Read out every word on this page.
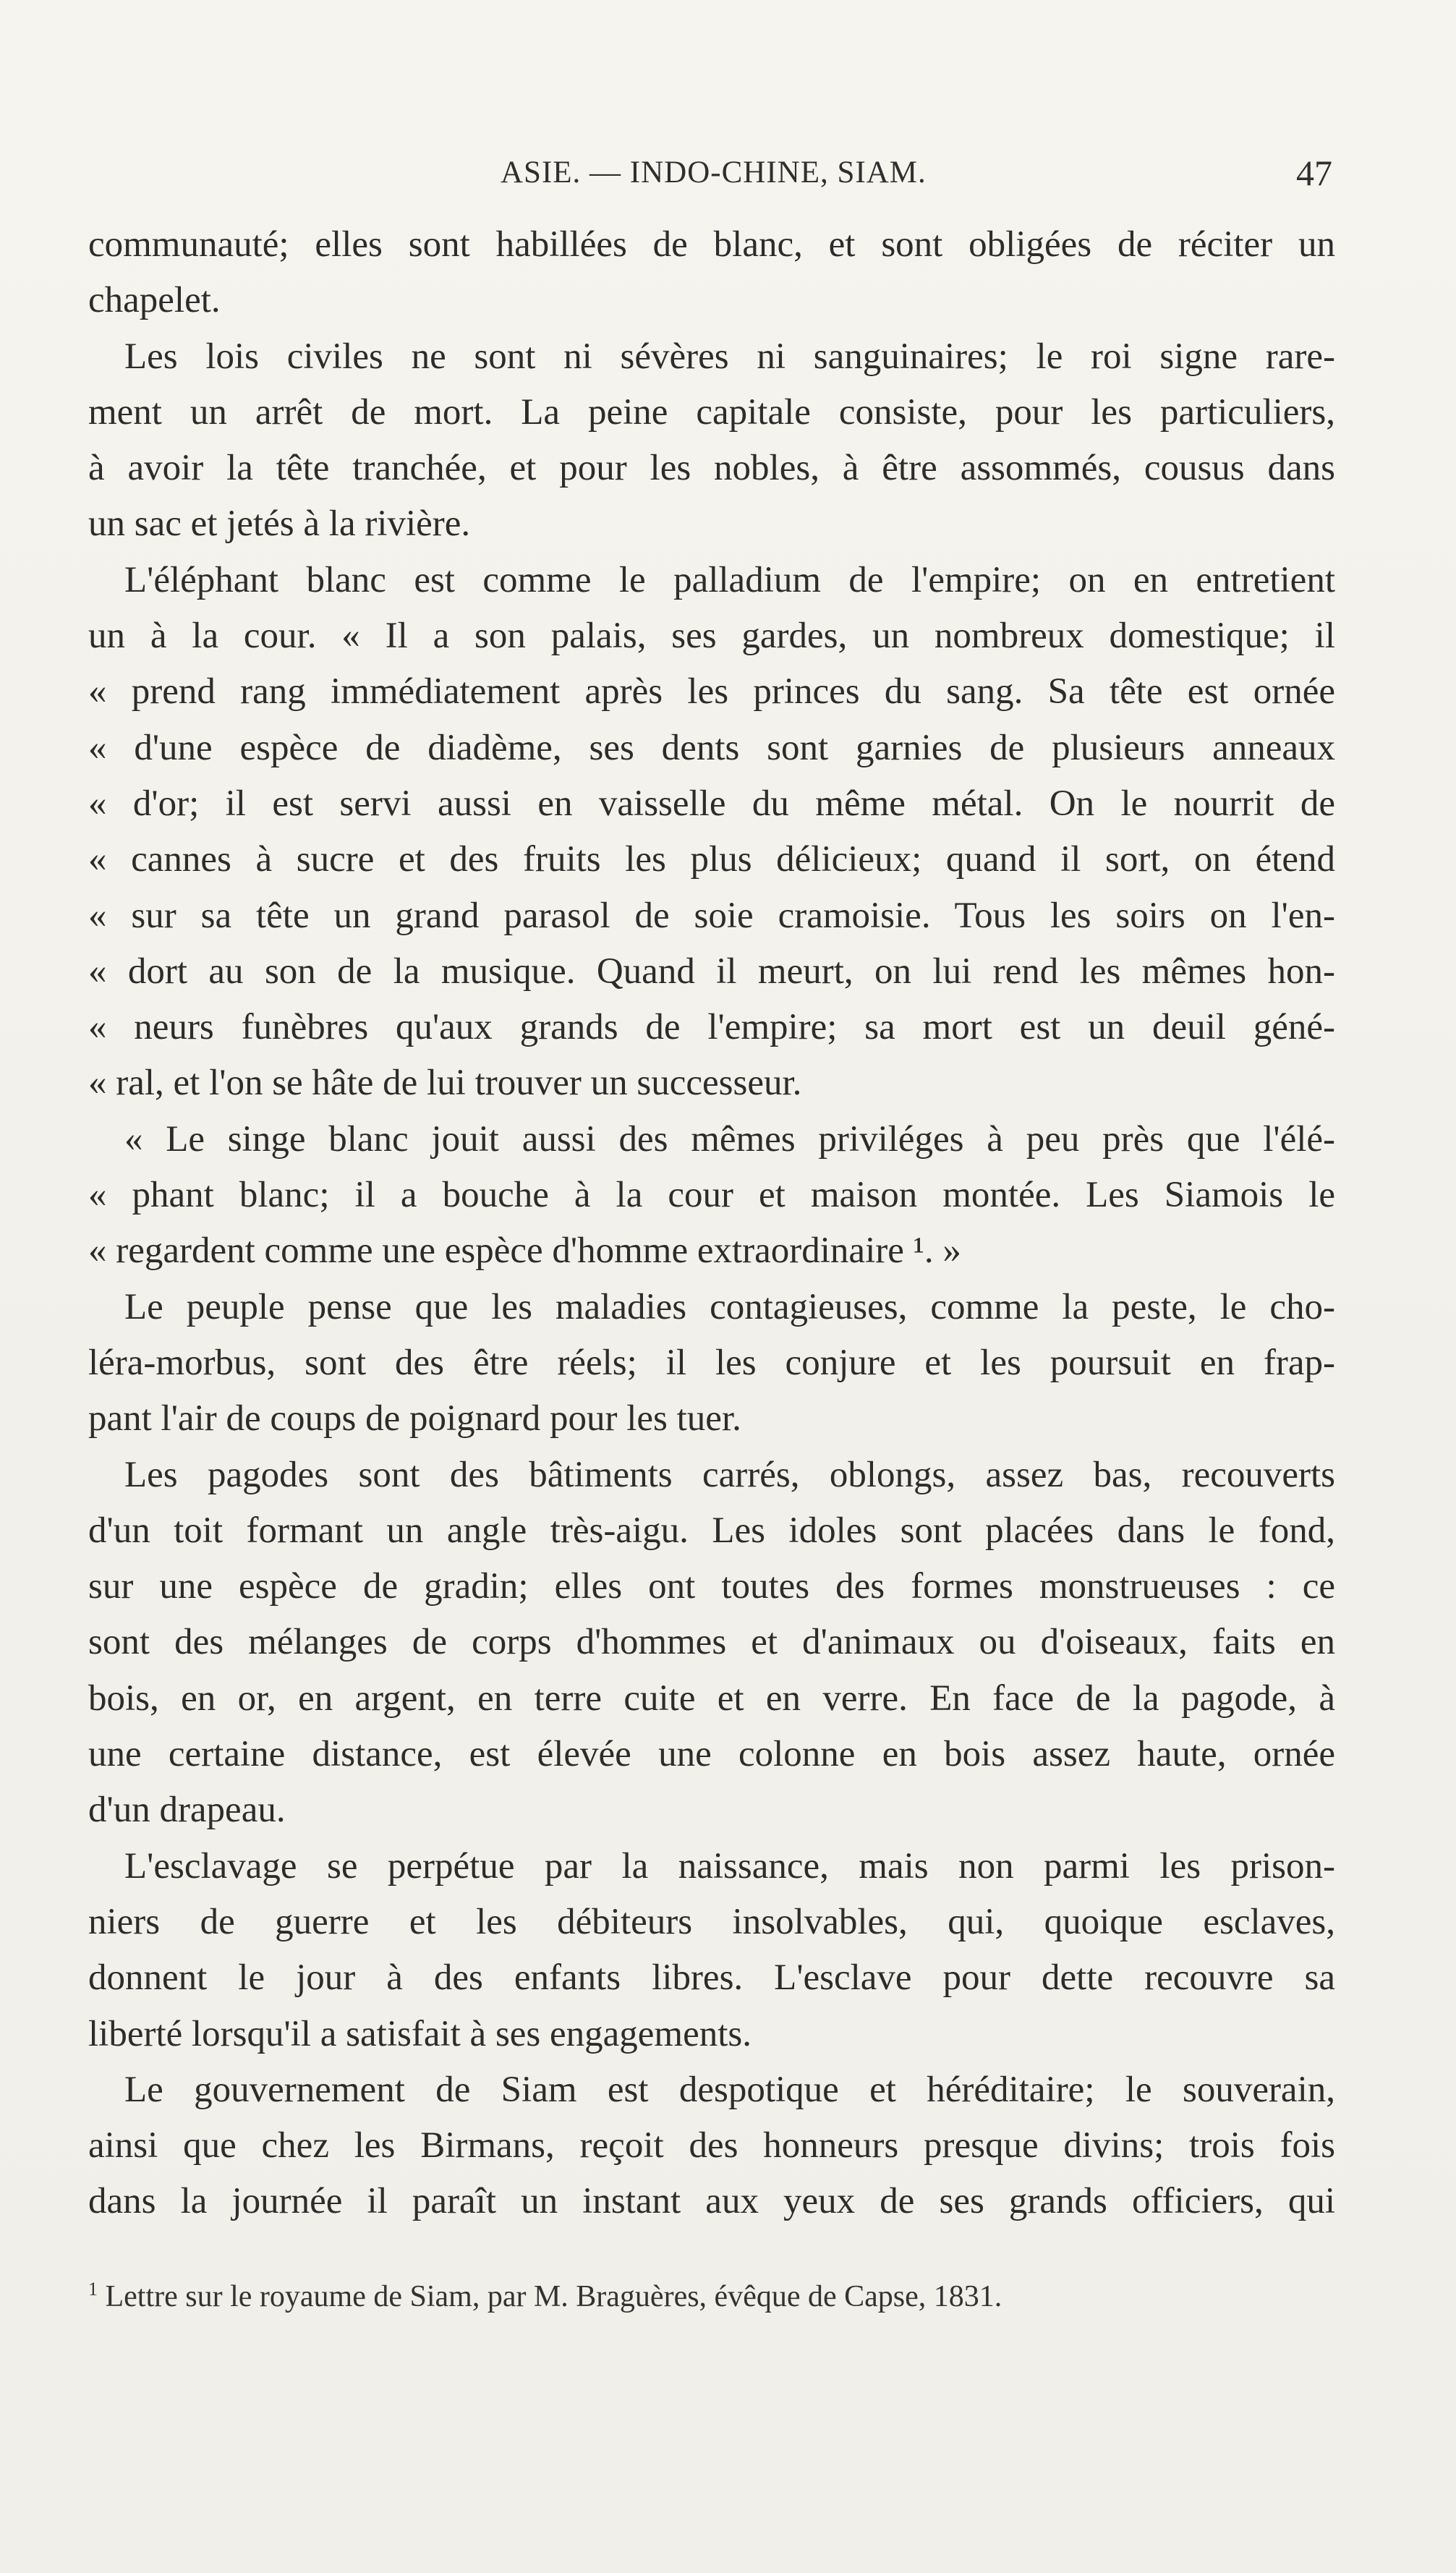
ASIE. — INDO-CHINE, SIAM.	47
communauté; elles sont habillées de blanc, et sont obligées de réciter un
chapelet.
Les lois civiles ne sont ni sévères ni sanguinaires; le roi signe rare-
ment un arrêt de mort. La peine capitale consiste, pour les particuliers,
à avoir la tête tranchée, et pour les nobles, à être assommés, cousus dans
un sac et jetés à la rivière.
L'éléphant blanc est comme le palladium de l'empire; on en entretient
un à la cour. « Il a son palais, ses gardes, un nombreux domestique; il
« prend rang immédiatement après les princes du sang. Sa tête est ornée
« d'une espèce de diadème, ses dents sont garnies de plusieurs anneaux
« d'or; il est servi aussi en vaisselle du même métal. On le nourrit de
« cannes à sucre et des fruits les plus délicieux; quand il sort, on étend
« sur sa tête un grand parasol de soie cramoisie. Tous les soirs on l'en-
« dort au son de la musique. Quand il meurt, on lui rend les mêmes hon-
« neurs funèbres qu'aux grands de l'empire; sa mort est un deuil géné-
« ral, et l'on se hâte de lui trouver un successeur.
« Le singe blanc jouit aussi des mêmes priviléges à peu près que l'élé-
« phant blanc; il a bouche à la cour et maison montée. Les Siamois le
« regardent comme une espèce d'homme extraordinaire ¹. »
Le peuple pense que les maladies contagieuses, comme la peste, le cho-
léra-morbus, sont des être réels; il les conjure et les poursuit en frap-
pant l'air de coups de poignard pour les tuer.
Les pagodes sont des bâtiments carrés, oblongs, assez bas, recouverts
d'un toit formant un angle très-aigu. Les idoles sont placées dans le fond,
sur une espèce de gradin; elles ont toutes des formes monstrueuses : ce
sont des mélanges de corps d'hommes et d'animaux ou d'oiseaux, faits en
bois, en or, en argent, en terre cuite et en verre. En face de la pagode, à
une certaine distance, est élevée une colonne en bois assez haute, ornée
d'un drapeau.
L'esclavage se perpétue par la naissance, mais non parmi les prison-
niers de guerre et les débiteurs insolvables, qui, quoique esclaves,
donnent le jour à des enfants libres. L'esclave pour dette recouvre sa
liberté lorsqu'il a satisfait à ses engagements.
Le gouvernement de Siam est despotique et héréditaire; le souverain,
ainsi que chez les Birmans, reçoit des honneurs presque divins; trois fois
dans la journée il paraît un instant aux yeux de ses grands officiers, qui
$^1$ Lettre sur le royaume de Siam, par M. Braguères, évêque de Capse, 1831.
